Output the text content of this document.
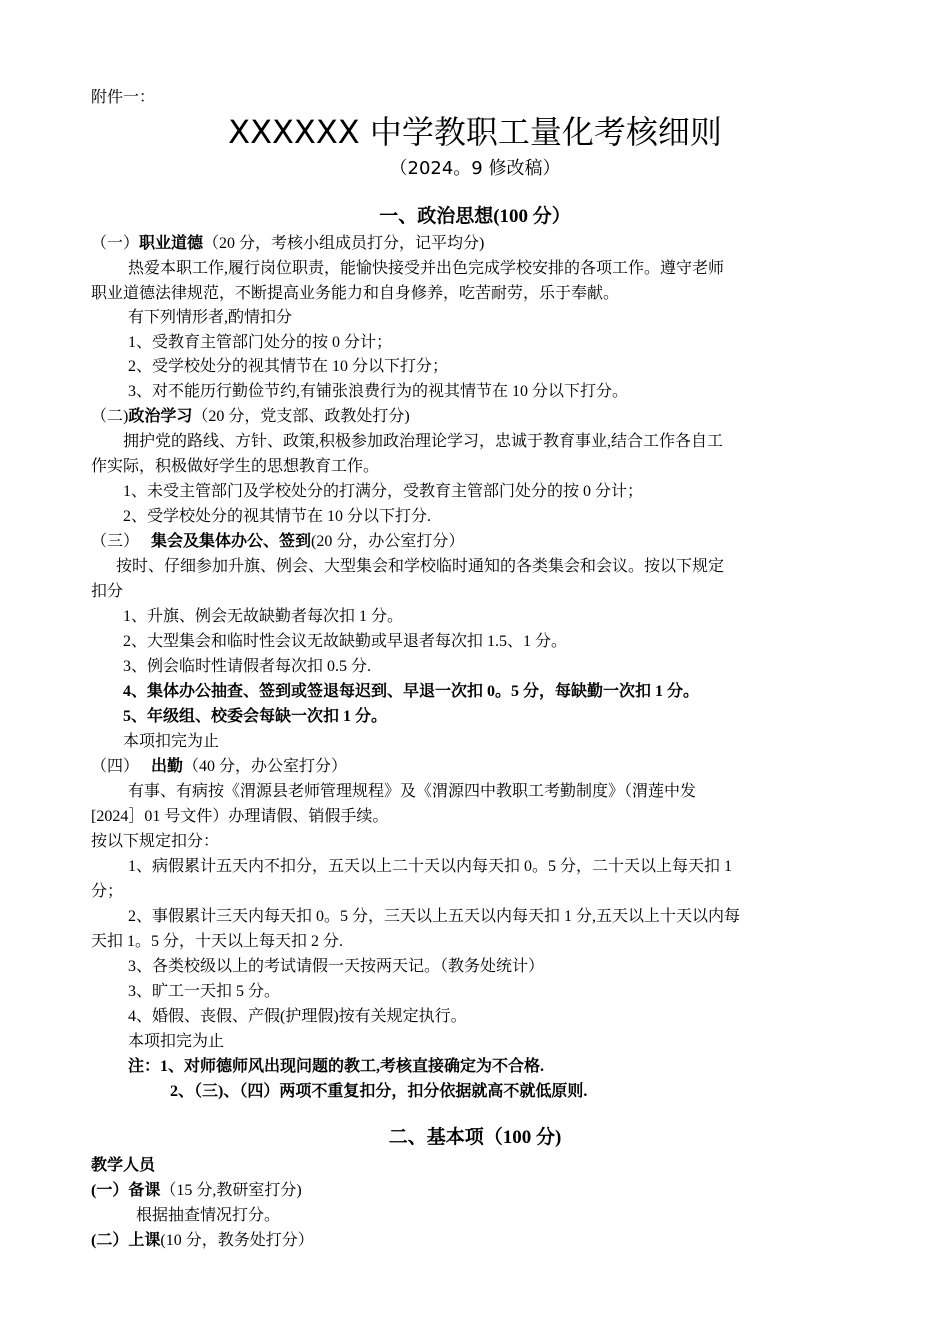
附件一：
XXXXXX 中学教职工量化考核细则
（2024。9 修改稿）
一、政治思想(100 分）
（一）职业道德（20 分，考核小组成员打分，记平均分)
热爱本职工作,履行岗位职责，能愉快接受并出色完成学校安排的各项工作。遵守老师
职业道德法律规范，不断提高业务能力和自身修养，吃苦耐劳，乐于奉献。
有下列情形者,酌情扣分
1、受教育主管部门处分的按 0 分计；
2、受学校处分的视其情节在 10 分以下打分；
3、对不能历行勤俭节约,有铺张浪费行为的视其情节在 10 分以下打分。
（二)政治学习（20 分，党支部、政教处打分)
拥护党的路线、方针、政策,积极参加政治理论学习，忠诚于教育事业,结合工作各自工
作实际，积极做好学生的思想教育工作。
1、未受主管部门及学校处分的打满分，受教育主管部门处分的按 0 分计；
2、受学校处分的视其情节在 10 分以下打分.
（三） 集会及集体办公、签到(20 分，办公室打分）
按时、仔细参加升旗、例会、大型集会和学校临时通知的各类集会和会议。按以下规定
扣分
1、升旗、例会无故缺勤者每次扣 1 分。
2、大型集会和临时性会议无故缺勤或早退者每次扣 1.5、1 分。
3、例会临时性请假者每次扣 0.5 分.
4、集体办公抽查、签到或签退每迟到、早退一次扣 0。5 分，每缺勤一次扣 1 分。
5、年级组、校委会每缺一次扣 1 分。
本项扣完为止
（四） 出勤（40 分，办公室打分）
有事、有病按《渭源县老师管理规程》及《渭源四中教职工考勤制度》（渭莲中发
[2024］01 号文件）办理请假、销假手续。
按以下规定扣分：
1、病假累计五天内不扣分，五天以上二十天以内每天扣 0。5 分，二十天以上每天扣 1
分；
2、事假累计三天内每天扣 0。5 分，三天以上五天以内每天扣 1 分,五天以上十天以内每
天扣 1。5 分，十天以上每天扣 2 分.
3、各类校级以上的考试请假一天按两天记。（教务处统计）
3、旷工一天扣 5 分。
4、婚假、丧假、产假(护理假)按有关规定执行。
本项扣完为止
注：1、对师德师风出现问题的教工,考核直接确定为不合格.
2、（三)、（四）两项不重复扣分，扣分依据就高不就低原则.
二、基本项（100 分)
教学人员
(一）备课（15 分,教研室打分)
根据抽查情况打分。
(二）上课(10 分，教务处打分）
